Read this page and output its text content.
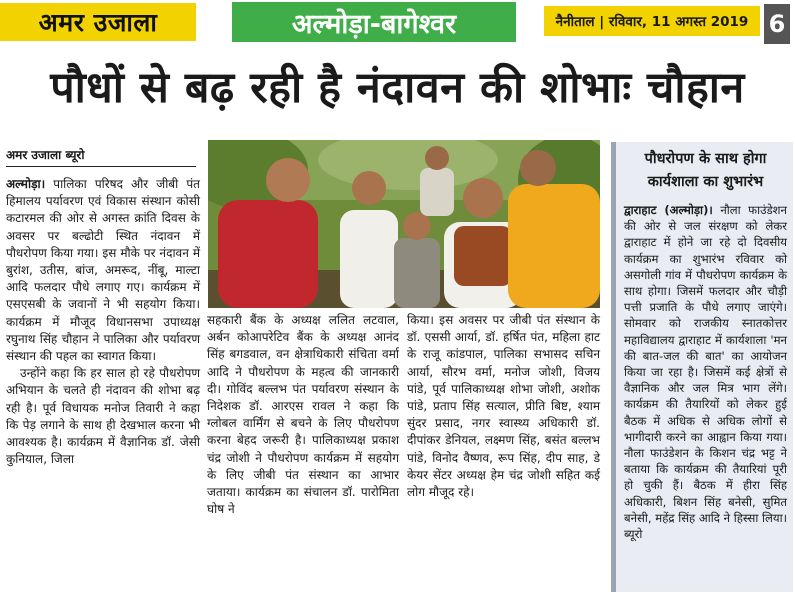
अमर उजाला	अल्मोड़ा-बागेश्वर	नैनीताल | रविवार, 11 अगस्त 2019 6
पौधों से बढ़ रही है नंदावन की शोभाः चौहान
अमर उजाला ब्यूरो

अल्मोड़ा। पालिका परिषद और जीबी पंत हिमालय पर्यावरण एवं विकास संस्थान कोसी कटारमल की ओर से अगस्त क्रांति दिवस के अवसर पर बल्ढोटी स्थित नंदावन में पौधरोपण किया गया। इस मौके पर नंदावन में बुरांश, उतीस, बांज, अमरूद, नींबू, माल्टा आदि फलदार पौधे लगाए गए। कार्यक्रम में एसएसबी के जवानों ने भी सहयोग किया। कार्यक्रम में मौजूद विधानसभा उपाध्यक्ष रघुनाथ सिंह चौहान ने पालिका और पर्यावरण संस्थान की पहल का स्वागत किया।

उन्होंने कहा कि हर साल हो रहे पौधरोपण अभियान के चलते ही नंदावन की शोभा बढ़ रही है। पूर्व विधायक मनोज तिवारी ने कहा कि पेड़ लगाने के साथ ही देखभाल करना भी आवश्यक है। कार्यक्रम में वैज्ञानिक डॉ. जेसी कुनियाल, जिला

सहकारी बैंक के अध्यक्ष ललित लटवाल, अर्बन कोआपरेटिव बैंक के अध्यक्ष आनंद सिंह बगडवाल, वन क्षेत्राधिकारी संचिता वर्मा आदि ने पौधरोपण के महत्व की जानकारी दी। गोविंद बल्लभ पंत पर्यावरण संस्थान के निदेशक डॉ. आरएस रावल ने कहा कि ग्लोबल वार्मिंग से बचने के लिए पौधरोपण करना बेहद जरूरी है। पालिकाध्यक्ष प्रकाश चंद्र जोशी ने पौधरोपण कार्यक्रम में सहयोग के लिए जीबी पंत संस्थान का आभार जताया। कार्यक्रम का संचालन डॉ. पारोमिता घोष ने

किया। इस अवसर पर जीबी पंत संस्थान के डॉ. एससी आर्या, डॉ. हर्षित पंत, महिला हाट के राजू कांडपाल, पालिका सभासद सचिन आर्या, सौरभ वर्मा, मनोज जोशी, विजय पांडे, पूर्व पालिकाध्यक्ष शोभा जोशी, अशोक पांडे, प्रताप सिंह सत्याल, प्रीति बिष्ट, श्याम सुंदर प्रसाद, नगर स्वास्थ्य अधिकारी डॉ. दीपांकर डेनियल, लक्ष्मण सिंह, बसंत बल्लभ पांडे, विनोद वैष्णव, रूप सिंह, दीप साह, डे केयर सेंटर अध्यक्ष हेम चंद्र जोशी सहित कई लोग मौजूद रहे।

पौधरोपण के साथ होगा
कार्यशाला का शुभारंभ
द्वाराहाट (अल्मोड़ा)। नौला फाउंडेशन की ओर से जल संरक्षण को लेकर द्वाराहाट में होने जा रहे दो दिवसीय कार्यक्रम का शुभारंभ रविवार को असगोली गांव में पौधरोपण कार्यक्रम के साथ होगा। जिसमें फलदार और चौड़ी पत्ती प्रजाति के पौधे लगाए जाएंगे। सोमवार को राजकीय स्नातकोत्तर महाविद्यालय द्वाराहाट में कार्यशाला 'मन की बात-जल की बात' का आयोजन किया जा रहा है। जिसमें कई क्षेत्रों से वैज्ञानिक और जल मित्र भाग लेंगे। कार्यक्रम की तैयारियों को लेकर हुई बैठक में अधिक से अधिक लोगों से भागीदारी करने का आह्वान किया गया। नौला फाउंडेशन के किशन चंद्र भट्ट ने बताया कि कार्यक्रम की तैयारियां पूरी हो चुकी हैं। बैठक में हीरा सिंह अधिकारी, बिशन सिंह बनेसी, सुमित बनेसी, महेंद्र सिंह आदि ने हिस्सा लिया। ब्यूरो
